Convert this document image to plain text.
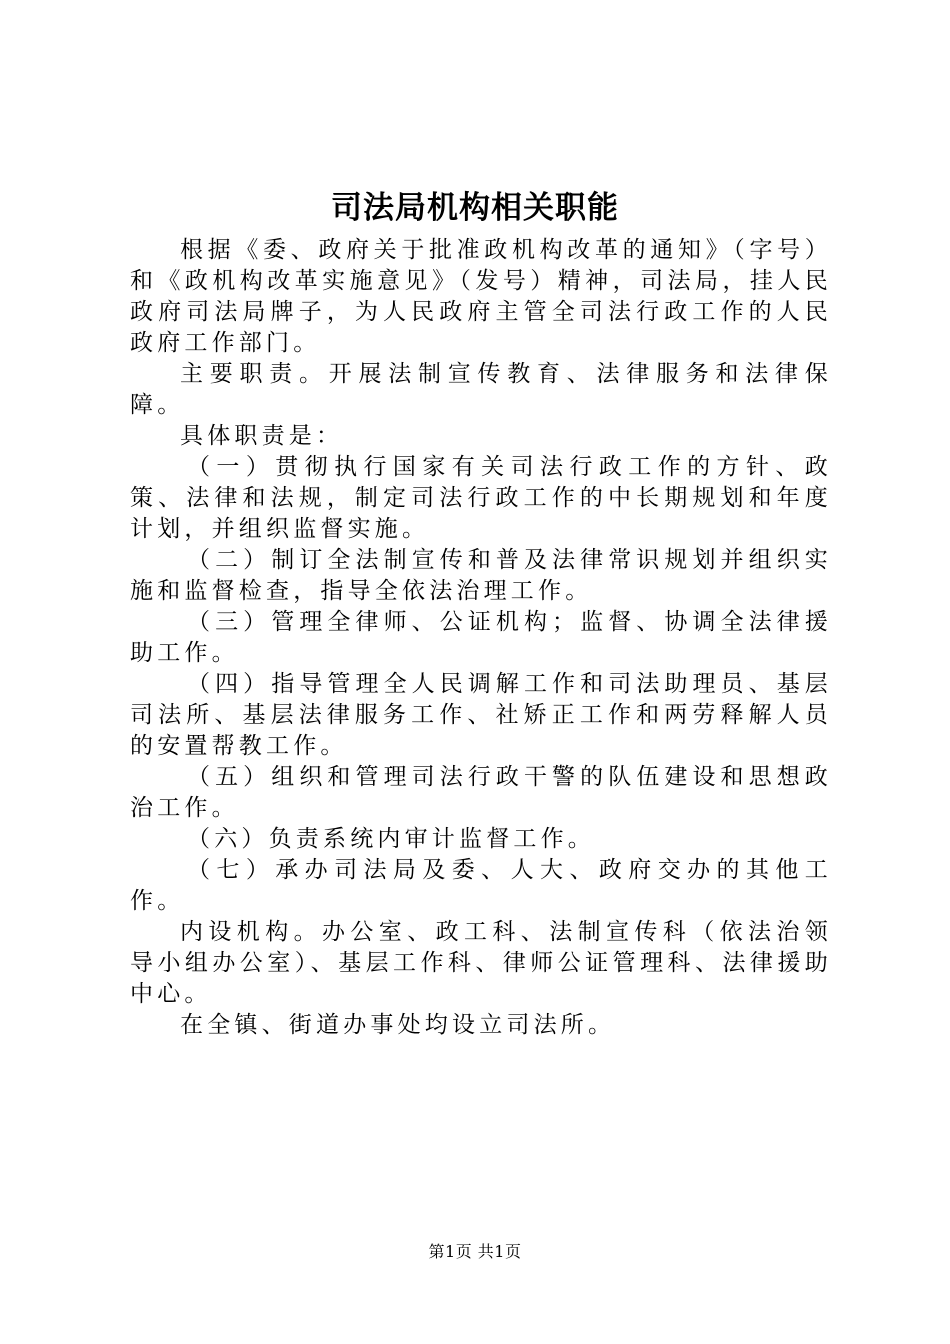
司法局机构相关职能

根据《委、政府关于批准政机构改革的通知》（字号）和《政机构改革实施意见》（发号）精神，司法局，挂人民政府司法局牌子，为人民政府主管全司法行政工作的人民政府工作部门。

主要职责。开展法制宣传教育、法律服务和法律保障。

具体职责是：

（一）贯彻执行国家有关司法行政工作的方针、政策、法律和法规，制定司法行政工作的中长期规划和年度计划，并组织监督实施。

（二）制订全法制宣传和普及法律常识规划并组织实施和监督检查，指导全依法治理工作。

（三）管理全律师、公证机构；监督、协调全法律援助工作。

（四）指导管理全人民调解工作和司法助理员、基层司法所、基层法律服务工作、社矫正工作和两劳释解人员的安置帮教工作。

（五）组织和管理司法行政干警的队伍建设和思想政治工作。

（六）负责系统内审计监督工作。

（七）承办司法局及委、人大、政府交办的其他工作。

内设机构。办公室、政工科、法制宣传科（依法治领导小组办公室）、基层工作科、律师公证管理科、法律援助中心。

在全镇、街道办事处均设立司法所。

第1页 共1页
